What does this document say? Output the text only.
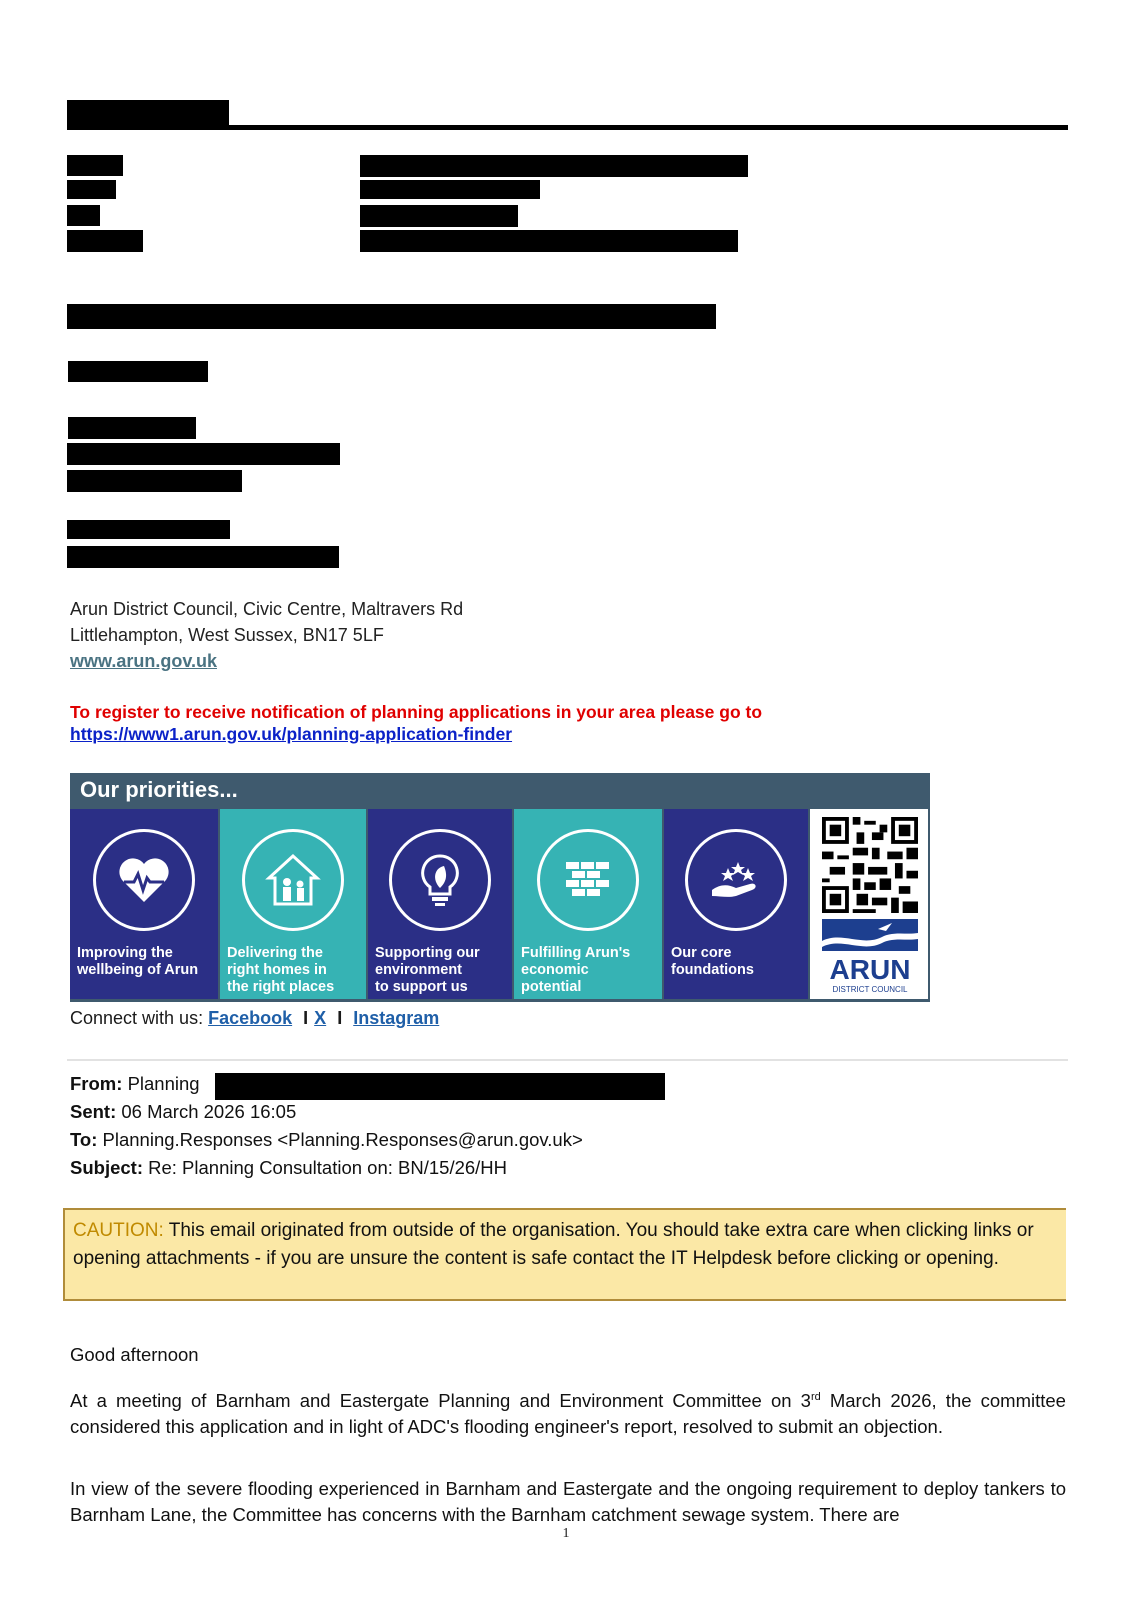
Arun District Council, Civic Centre, Maltravers Rd
Littlehampton, West Sussex, BN17 5LF
www.arun.gov.uk
To register to receive notification of planning applications in your area please go to
https://www1.arun.gov.uk/planning-application-finder
Our priorities...
Improving the
wellbeing of Arun
Delivering the
right homes in
the right places
Supporting our
environment
to support us
Fulfilling Arun's
economic
potential
Our core
foundations	ARUN
DISTRICT COUNCIL
Connect with us: Facebook I X I Instagram
From: Planning
Sent: 06 March 2026 16:05
To: Planning.Responses <Planning.Responses@arun.gov.uk>
Subject: Re: Planning Consultation on: BN/15/26/HH

CAUTION: This email originated from outside of the organisation. You should take extra care when clicking links or opening attachments - if you are unsure the content is safe contact the IT Helpdesk before clicking or opening.

Good afternoon
At a meeting of Barnham and Eastergate Planning and Environment Committee on 3rd March 2026, the committee considered this application and in light of ADC's flooding engineer's report, resolved to submit an objection.
In view of the severe flooding experienced in Barnham and Eastergate and the ongoing requirement to deploy tankers to Barnham Lane, the Committee has concerns with the Barnham catchment sewage system. There are
1
